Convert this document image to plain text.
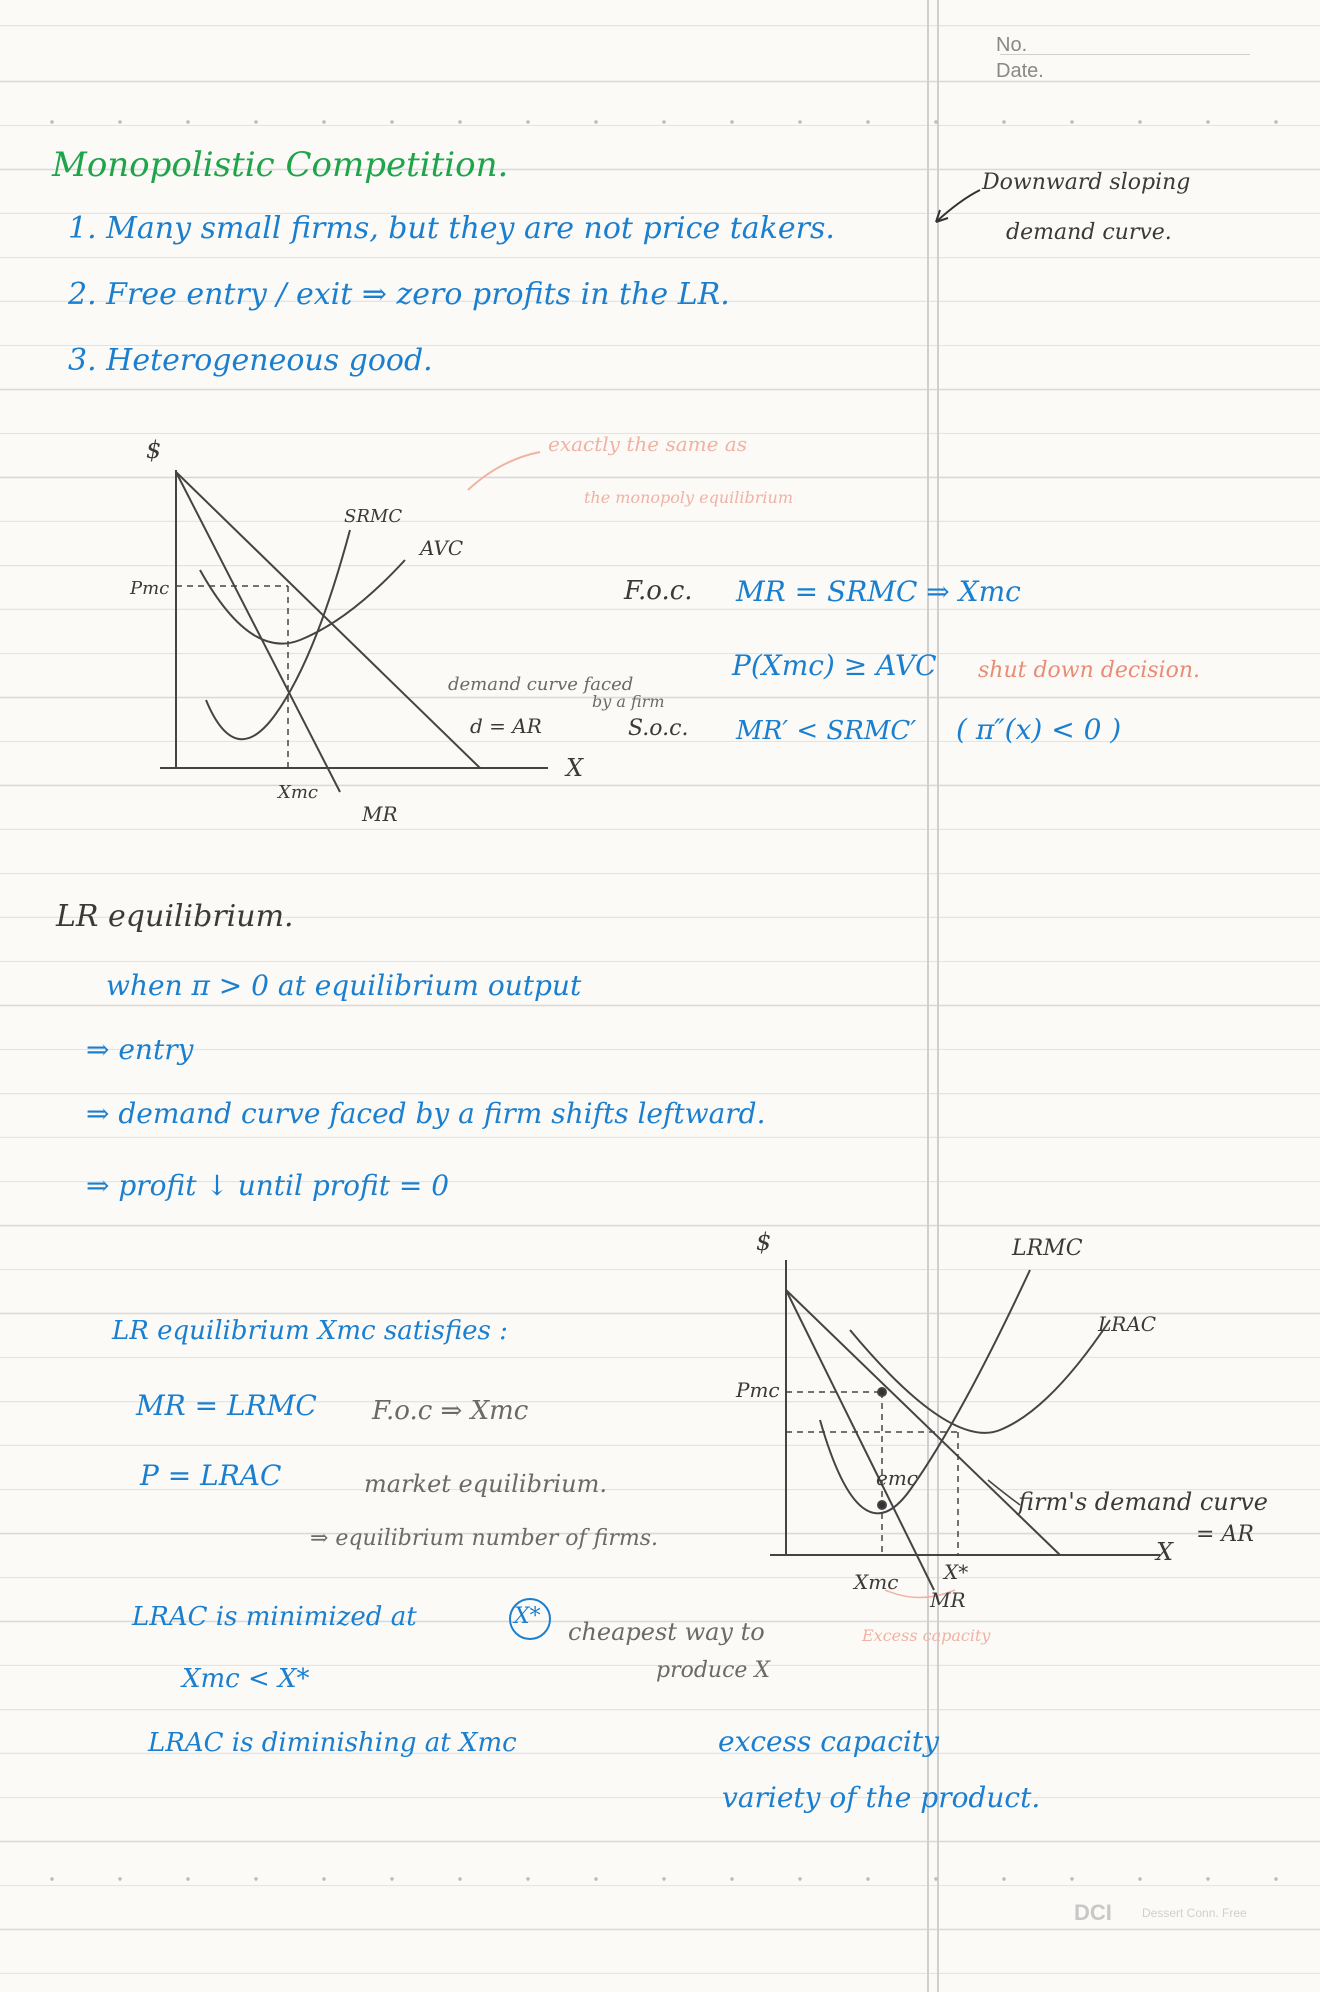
No.
Date.
Monopolistic Competition.
1. Many small firms, but they are not price takers.
2. Free entry / exit ⇒ zero profits in the LR.
3. Heterogeneous good.
Downward sloping
demand curve.
$
Pmc
SRMC
AVC
Xmc
MR
X
d = AR
demand curve faced
by a firm
exactly the same as
the monopoly equilibrium
F.o.c. MR = SRMC ⇒ Xmc
P(Xmc) ≥ AVC shut down decision.
S.o.c. MR′ < SRMC′ ( π″(x) < 0 )
LR equilibrium.
when π > 0 at equilibrium output
⇒ entry
⇒ demand curve faced by a firm shifts leftward.
⇒ profit ↓ until profit = 0
LR equilibrium Xmc satisfies :
MR = LRMC F.o.c ⇒ Xmc
P = LRAC	market equilibrium.
⇒ equilibrium number of firms.
LRAC is minimized at	X*
cheapest way to
produce X
Xmc < X*
LRAC is diminishing at Xmc	excess capacity
variety of the product.
$
Pmc
LRMC
LRAC
emc
firm's demand curve
= AR
X
Xmc X*
MR
Excess capacity
DCI	Dessert Conn. Free
